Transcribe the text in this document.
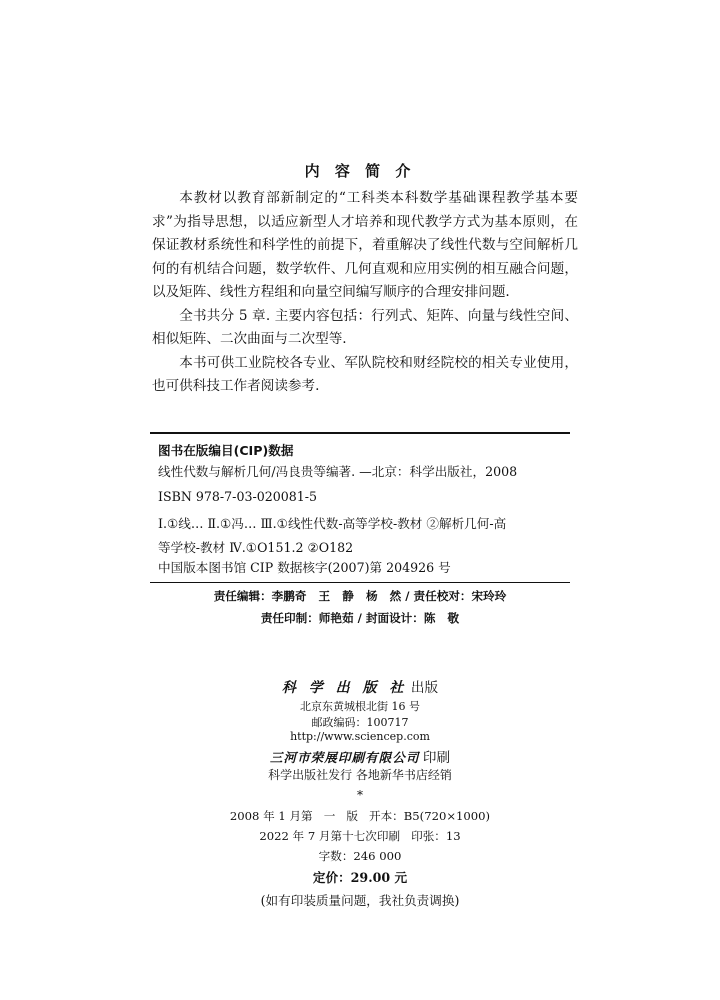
内 容 简 介

本教材以教育部新制定的“工科类本科数学基础课程教学基本要求”为指导思想，以适应新型人才培养和现代教学方式为基本原则，在保证教材系统性和科学性的前提下，着重解决了线性代数与空间解析几何的有机结合问题，数学软件、几何直观和应用实例的相互融合问题，以及矩阵、线性方程组和向量空间编写顺序的合理安排问题.

全书共分 5 章. 主要内容包括：行列式、矩阵、向量与线性空间、相似矩阵、二次曲面与二次型等.

本书可供工业院校各专业、军队院校和财经院校的相关专业使用，也可供科技工作者阅读参考.

图书在版编目(CIP)数据
线性代数与解析几何/冯良贵等编著. —北京：科学出版社，2008
ISBN 978-7-03-020081-5
Ⅰ.①线… Ⅱ.①冯… Ⅲ.①线性代数-高等学校-教材 ②解析几何-高
等学校-教材 Ⅳ.①O151.2 ②O182
中国版本图书馆 CIP 数据核字(2007)第 204926 号
责任编辑：李鹏奇   王   静   杨   然 / 责任校对：宋玲玲
责任印制：师艳茹 / 封面设计：陈   敬
科 学 出 版 社 出版
北京东黄城根北街 16 号
邮政编码：100717
http://www.sciencep.com
三河市荣展印刷有限公司 印刷
科学出版社发行 各地新华书店经销
*
2008 年 1 月第   一   版   开本：B5(720×1000)
2022 年 7 月第十七次印刷   印张：13
字数：246 000
定价：29.00 元
(如有印装质量问题，我社负责调换)
